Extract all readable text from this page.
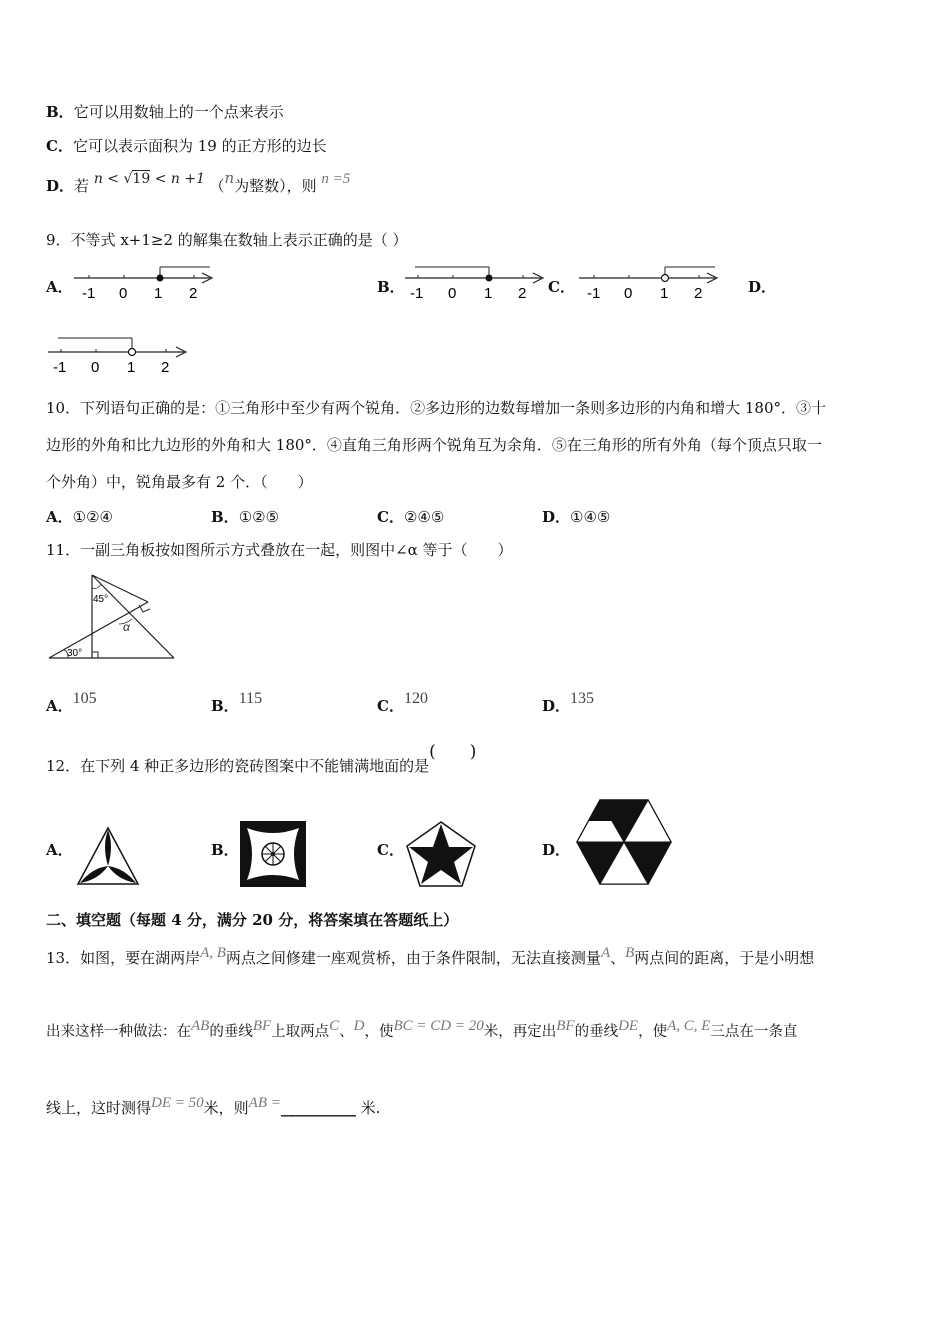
B．它可以用数轴上的一个点来表示
C．它可以表示面积为 19 的正方形的边长
D．若 n < √19 < n +1 （n为整数），则 n =5
9．不等式 x+1≥2 的解集在数轴上表示正确的是（ ）
A．	B．	C．	D．
-1 0 1 2	-1 0 1 2	-1 0 1 2
-1 0 1 2
10．下列语句正确的是：①三角形中至少有两个锐角．②多边形的边数每增加一条则多边形的内角和增大 180°．③十
边形的外角和比九边形的外角和大 180°．④直角三角形两个锐角互为余角．⑤在三角形的所有外角（每个顶点只取一
个外角）中，锐角最多有 2 个．（　　）
A．①②④	B．①②⑤	C．②④⑤	D．①④⑤
11．一副三角板按如图所示方式叠放在一起，则图中∠α 等于（　　）
45°
30°
α
A．105	B．115	C．120	D．135
12．在下列 4 种正多边形的瓷砖图案中不能铺满地面的是(　　)
A．	B．	C．	D．
二、填空题（每题 4 分，满分 20 分，将答案填在答题纸上）
13．如图，要在湖两岸A, B两点之间修建一座观赏桥，由于条件限制，无法直接测量A、B两点间的距离，于是小明想
出来这样一种做法：在AB的垂线BF上取两点C、D，使BC = CD = 20米，再定出BF的垂线DE，使A, C, E三点在一条直
线上，这时测得DE = 50米，则AB =__________ 米.
